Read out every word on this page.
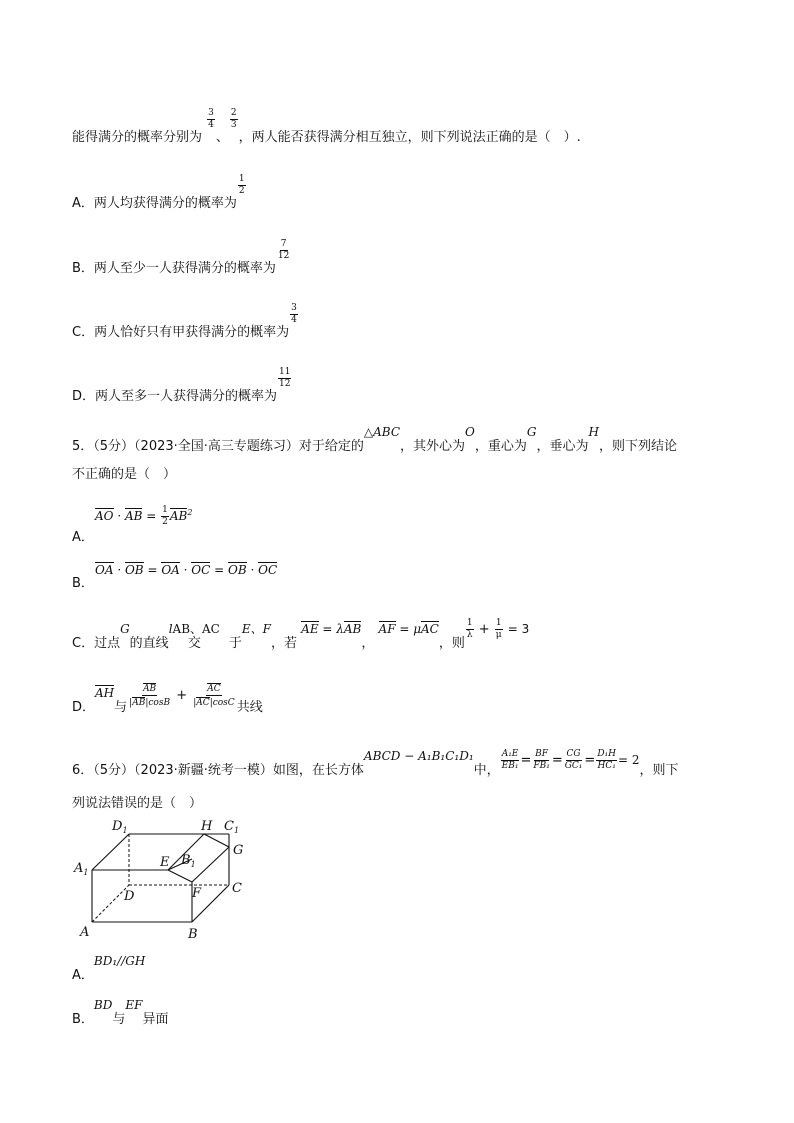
能得满分的概率分别为
$\frac{3}{4}$
、
$\frac{2}{3}$
，两人能否获得满分相互独立，则下列说法正确的是（　）.
A．两人均获得满分的概率为
$\frac{1}{2}$
B．两人至少一人获得满分的概率为
$\frac{7}{12}$
C．两人恰好只有甲获得满分的概率为
$\frac{3}{4}$
D．两人至多一人获得满分的概率为
$\frac{11}{12}$
5．（5分）（2023·全国·高三专题练习）对于给定的△ABC，其外心为O，重心为G，垂心为H，则下列结论
不正确的是（　）
A．
AO · AB = $\frac{1}{2} AB^2$
B．
OA · OB = OA · OC = OB · OC
C．过点G的直线lAB、AC交 于E、F，若 AE = λAB， AF = μAC，则
$\frac{1}{\lambda} + \frac{1}{\mu} = 3$
D．AH与 $\frac{AB}{|AB|\cos B} + \frac{AC}{|AC|\cos C}$ 共线
6．（5分）（2023·新疆·统考一模）如图，在长方体ABCD − A₁B₁C₁D₁中， $\frac{\text{A₁E}}{\text{EB₁}} = \frac{BF}{\text{FB₁}} = \frac{CG}{\text{GC₁}} = \frac{\text{D₁H}}{\text{HC₁}} = 2$，则下
列说法错误的是（　）
$D_1$	H $C_1$
G
E $B_1$
$A_1$
D	F C
A	B
A．BD₁//GH
B．BD与EF异面
